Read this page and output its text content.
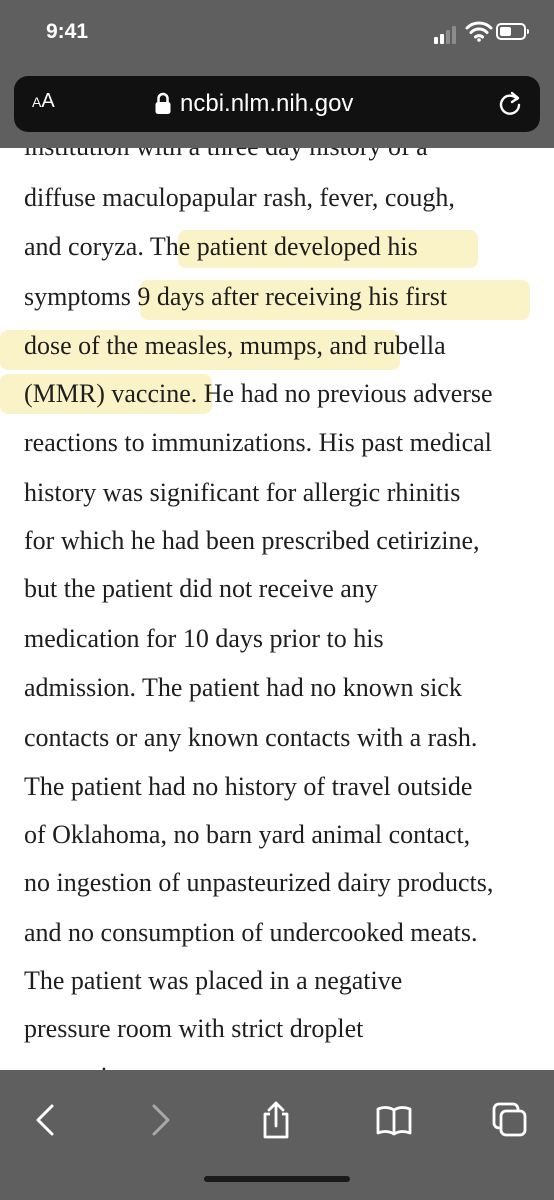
9:41
AA	ncbi.nlm.nih.gov
diffuse maculopapular rash, fever, cough,
and coryza. The patient developed his
symptoms 9 days after receiving his first
dose of the measles, mumps, and rubella
(MMR) vaccine. He had no previous adverse
reactions to immunizations. His past medical
history was significant for allergic rhinitis
for which he had been prescribed cetirizine,
but the patient did not receive any
medication for 10 days prior to his
admission. The patient had no known sick
contacts or any known contacts with a rash.
The patient had no history of travel outside
of Oklahoma, no barn yard animal contact,
no ingestion of unpasteurized dairy products,
and no consumption of undercooked meats.
The patient was placed in a negative
pressure room with strict droplet
